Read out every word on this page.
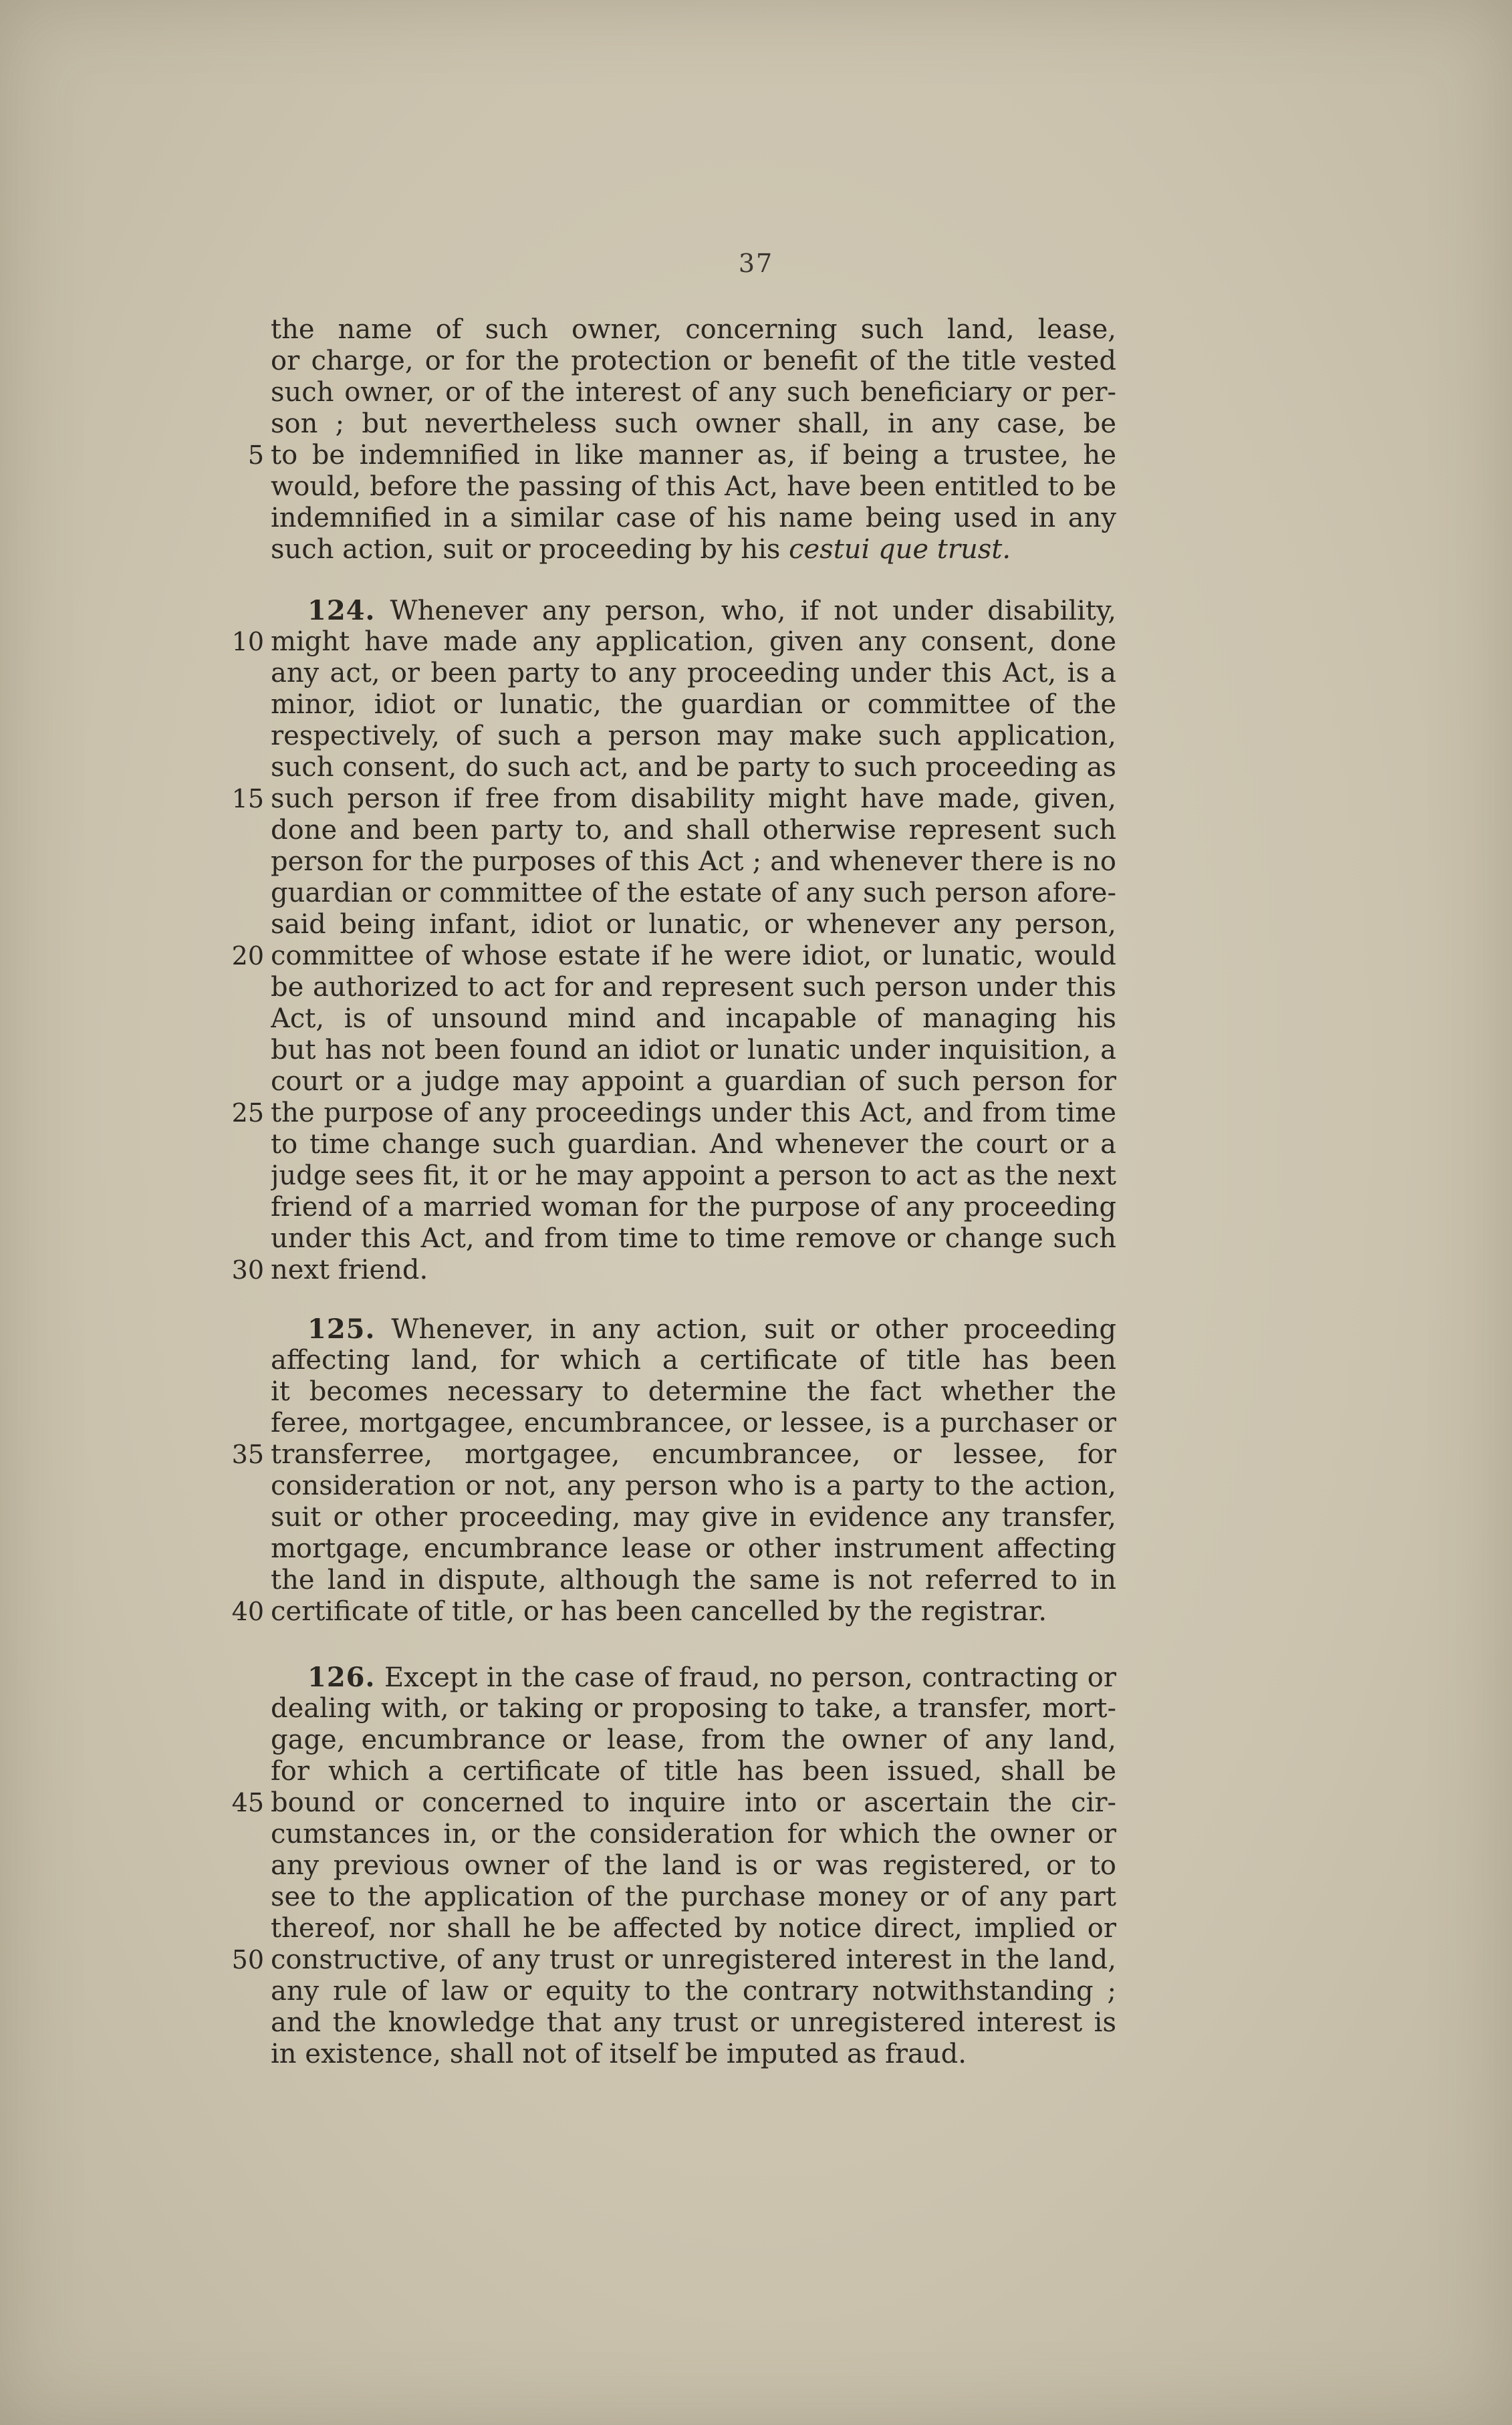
37
the name of such owner, concerning such land, lease,
or charge, or for the protection or benefit of the title vested
such owner, or of the interest of any such beneficiary or per-
son ; but nevertheless such owner shall, in any case, be
5 to be indemnified in like manner as, if being a trustee, he
would, before the passing of this Act, have been entitled to be
indemnified in a similar case of his name being used in any
such action, suit or proceeding by his cestui que trust.
124. Whenever any person, who, if not under disability,
10 might have made any application, given any consent, done
any act, or been party to any proceeding under this Act, is a
minor, idiot or lunatic, the guardian or committee of the
respectively, of such a person may make such application,
such consent, do such act, and be party to such proceeding as
15 such person if free from disability might have made, given,
done and been party to, and shall otherwise represent such
person for the purposes of this Act ; and whenever there is no
guardian or committee of the estate of any such person afore-
said being infant, idiot or lunatic, or whenever any person,
20 committee of whose estate if he were idiot, or lunatic, would
be authorized to act for and represent such person under this
Act, is of unsound mind and incapable of managing his
but has not been found an idiot or lunatic under inquisition, a
court or a judge may appoint a guardian of such person for
25 the purpose of any proceedings under this Act, and from time
to time change such guardian. And whenever the court or a
judge sees fit, it or he may appoint a person to act as the next
friend of a married woman for the purpose of any proceeding
under this Act, and from time to time remove or change such
30 next friend.
125. Whenever, in any action, suit or other proceeding
affecting land, for which a certificate of title has been
it becomes necessary to determine the fact whether the
feree, mortgagee, encumbrancee, or lessee, is a purchaser or
35 transferree, mortgagee, encumbrancee, or lessee, for
consideration or not, any person who is a party to the action,
suit or other proceeding, may give in evidence any transfer,
mortgage, encumbrance lease or other instrument affecting
the land in dispute, although the same is not referred to in
40 certificate of title, or has been cancelled by the registrar.
126. Except in the case of fraud, no person, contracting or
dealing with, or taking or proposing to take, a transfer, mort-
gage, encumbrance or lease, from the owner of any land,
for which a certificate of title has been issued, shall be
45 bound or concerned to inquire into or ascertain the cir-
cumstances in, or the consideration for which the owner or
any previous owner of the land is or was registered, or to
see to the application of the purchase money or of any part
thereof, nor shall he be affected by notice direct, implied or
50 constructive, of any trust or unregistered interest in the land,
any rule of law or equity to the contrary notwithstanding ;
and the knowledge that any trust or unregistered interest is
in existence, shall not of itself be imputed as fraud.
